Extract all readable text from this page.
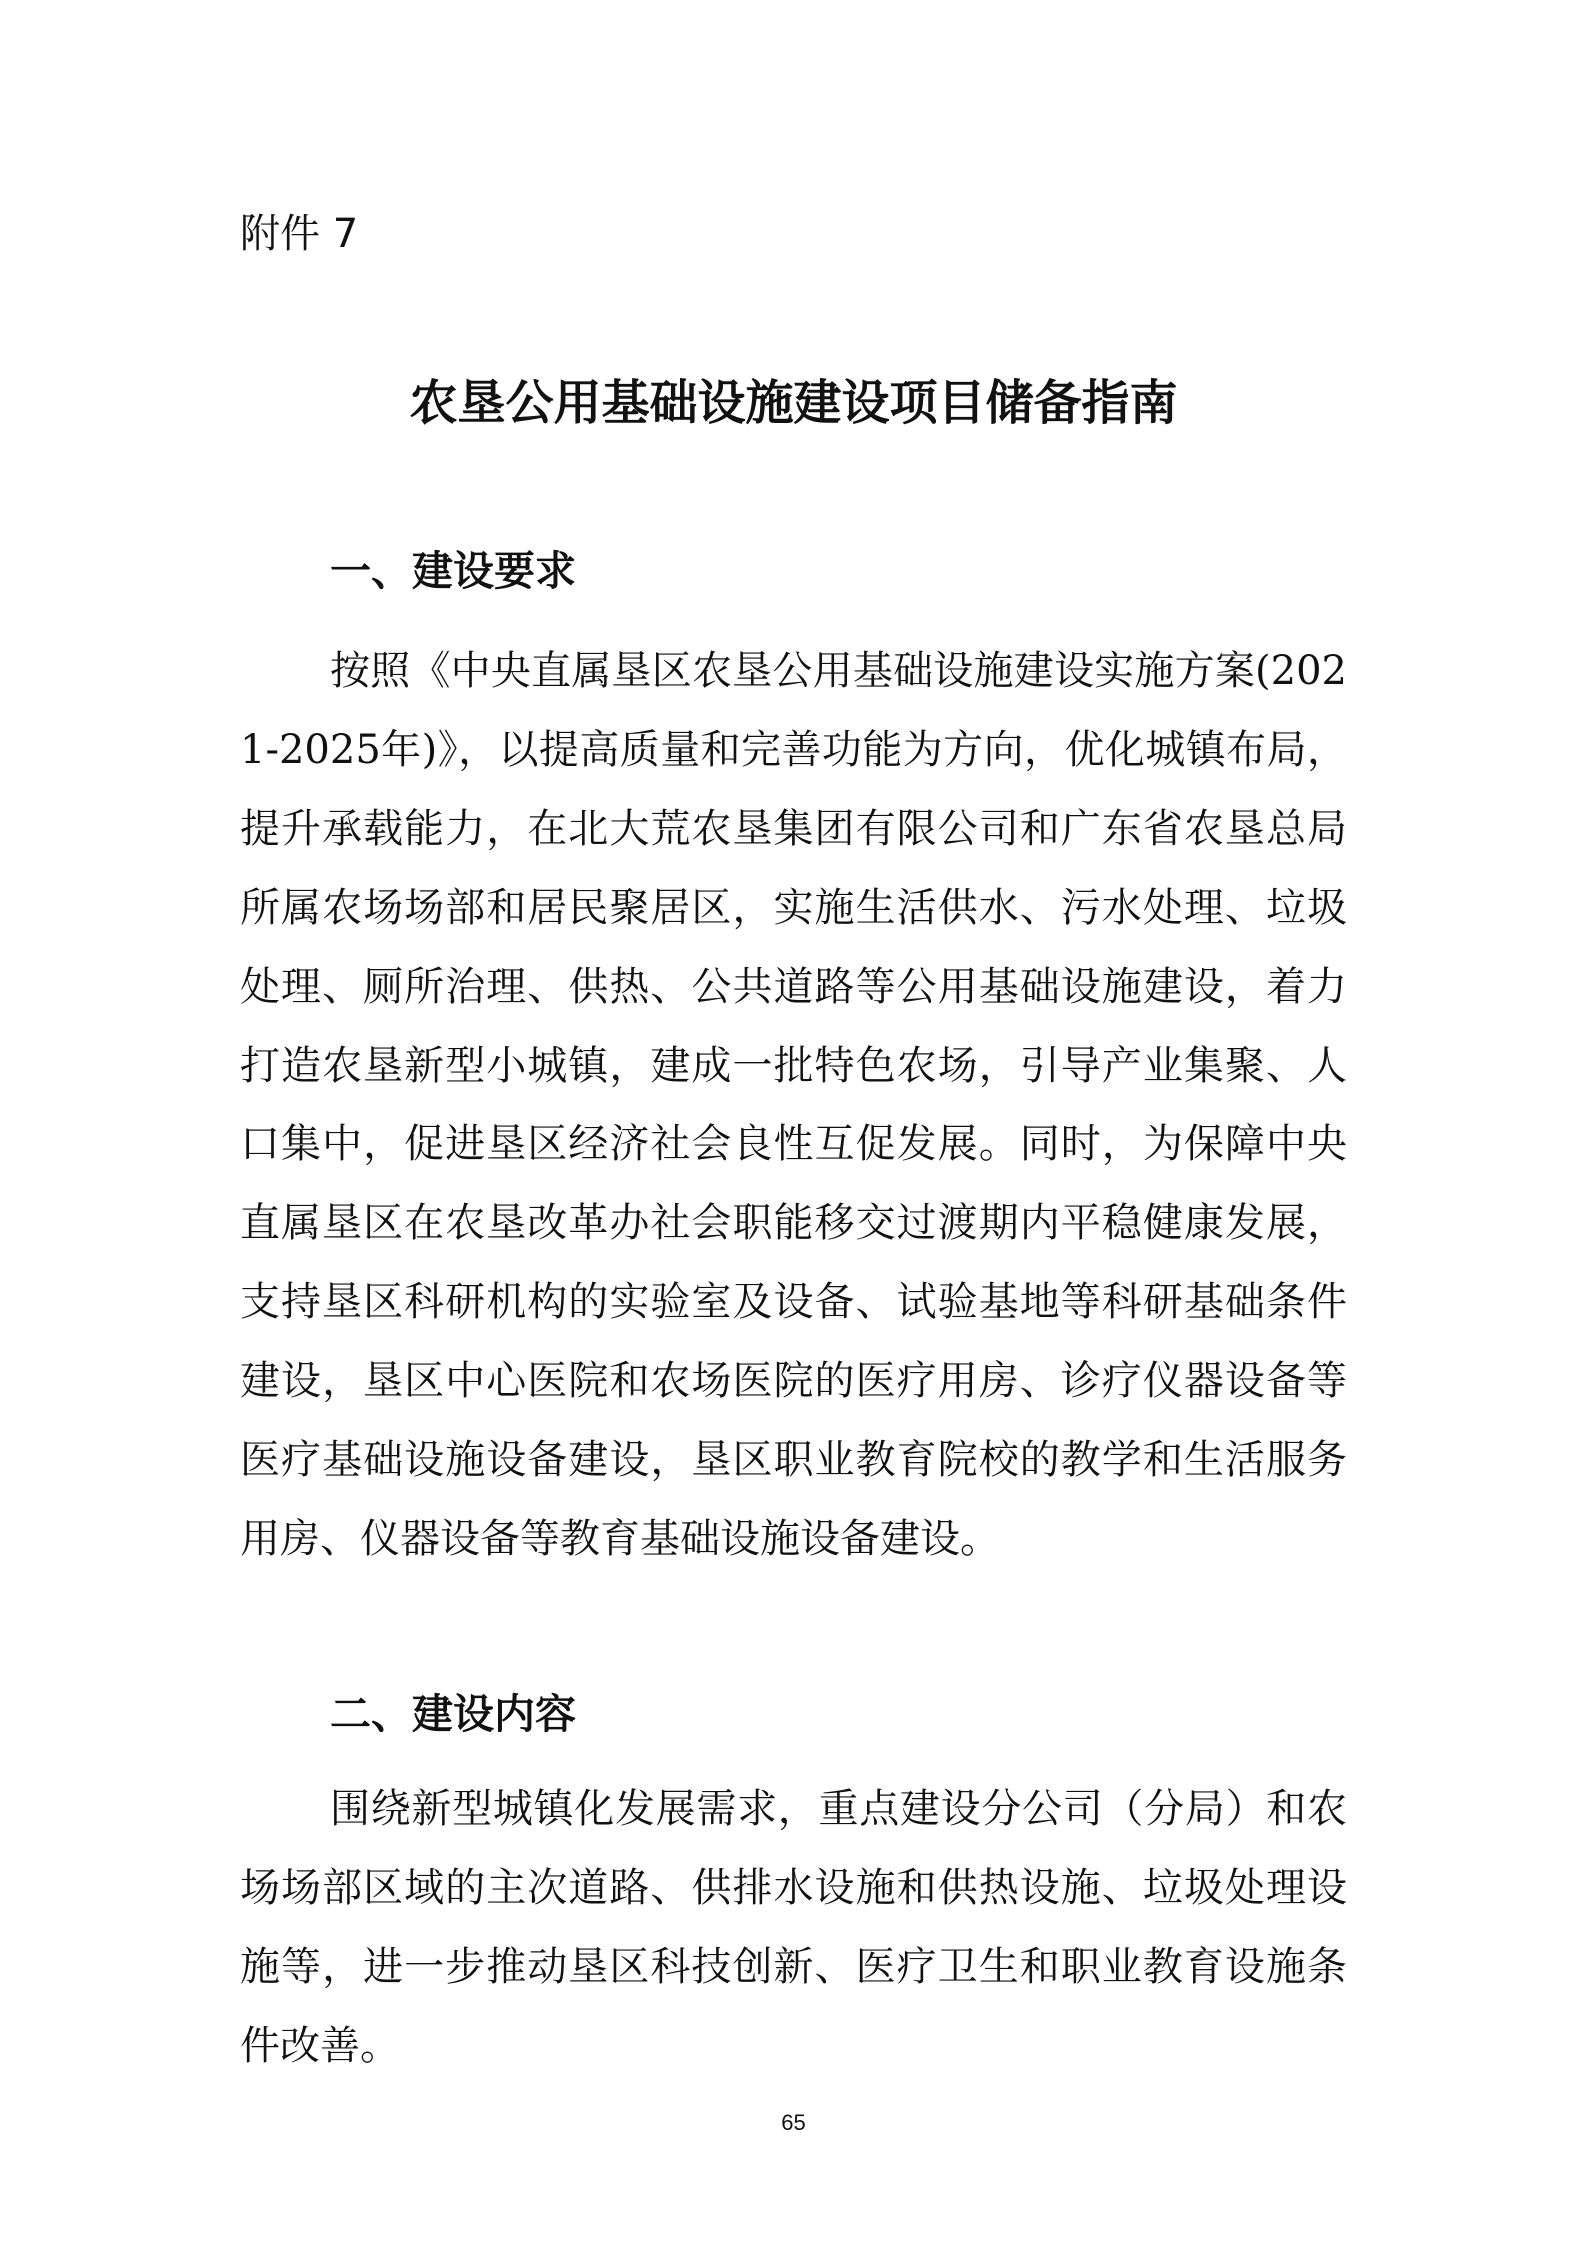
附件 7

农垦公用基础设施建设项目储备指南
一、建设要求

按照《中央直属垦区农垦公用基础设施建设实施方案(2021-2025年)》，以提高质量和完善功能为方向，优化城镇布局，提升承载能力，在北大荒农垦集团有限公司和广东省农垦总局所属农场场部和居民聚居区，实施生活供水、污水处理、垃圾处理、厕所治理、供热、公共道路等公用基础设施建设，着力打造农垦新型小城镇，建成一批特色农场，引导产业集聚、人口集中，促进垦区经济社会良性互促发展。同时，为保障中央直属垦区在农垦改革办社会职能移交过渡期内平稳健康发展，支持垦区科研机构的实验室及设备、试验基地等科研基础条件建设，垦区中心医院和农场医院的医疗用房、诊疗仪器设备等医疗基础设施设备建设，垦区职业教育院校的教学和生活服务用房、仪器设备等教育基础设施设备建设。

二、建设内容

围绕新型城镇化发展需求，重点建设分公司（分局）和农场场部区域的主次道路、供排水设施和供热设施、垃圾处理设施等，进一步推动垦区科技创新、医疗卫生和职业教育设施条件改善。

65
